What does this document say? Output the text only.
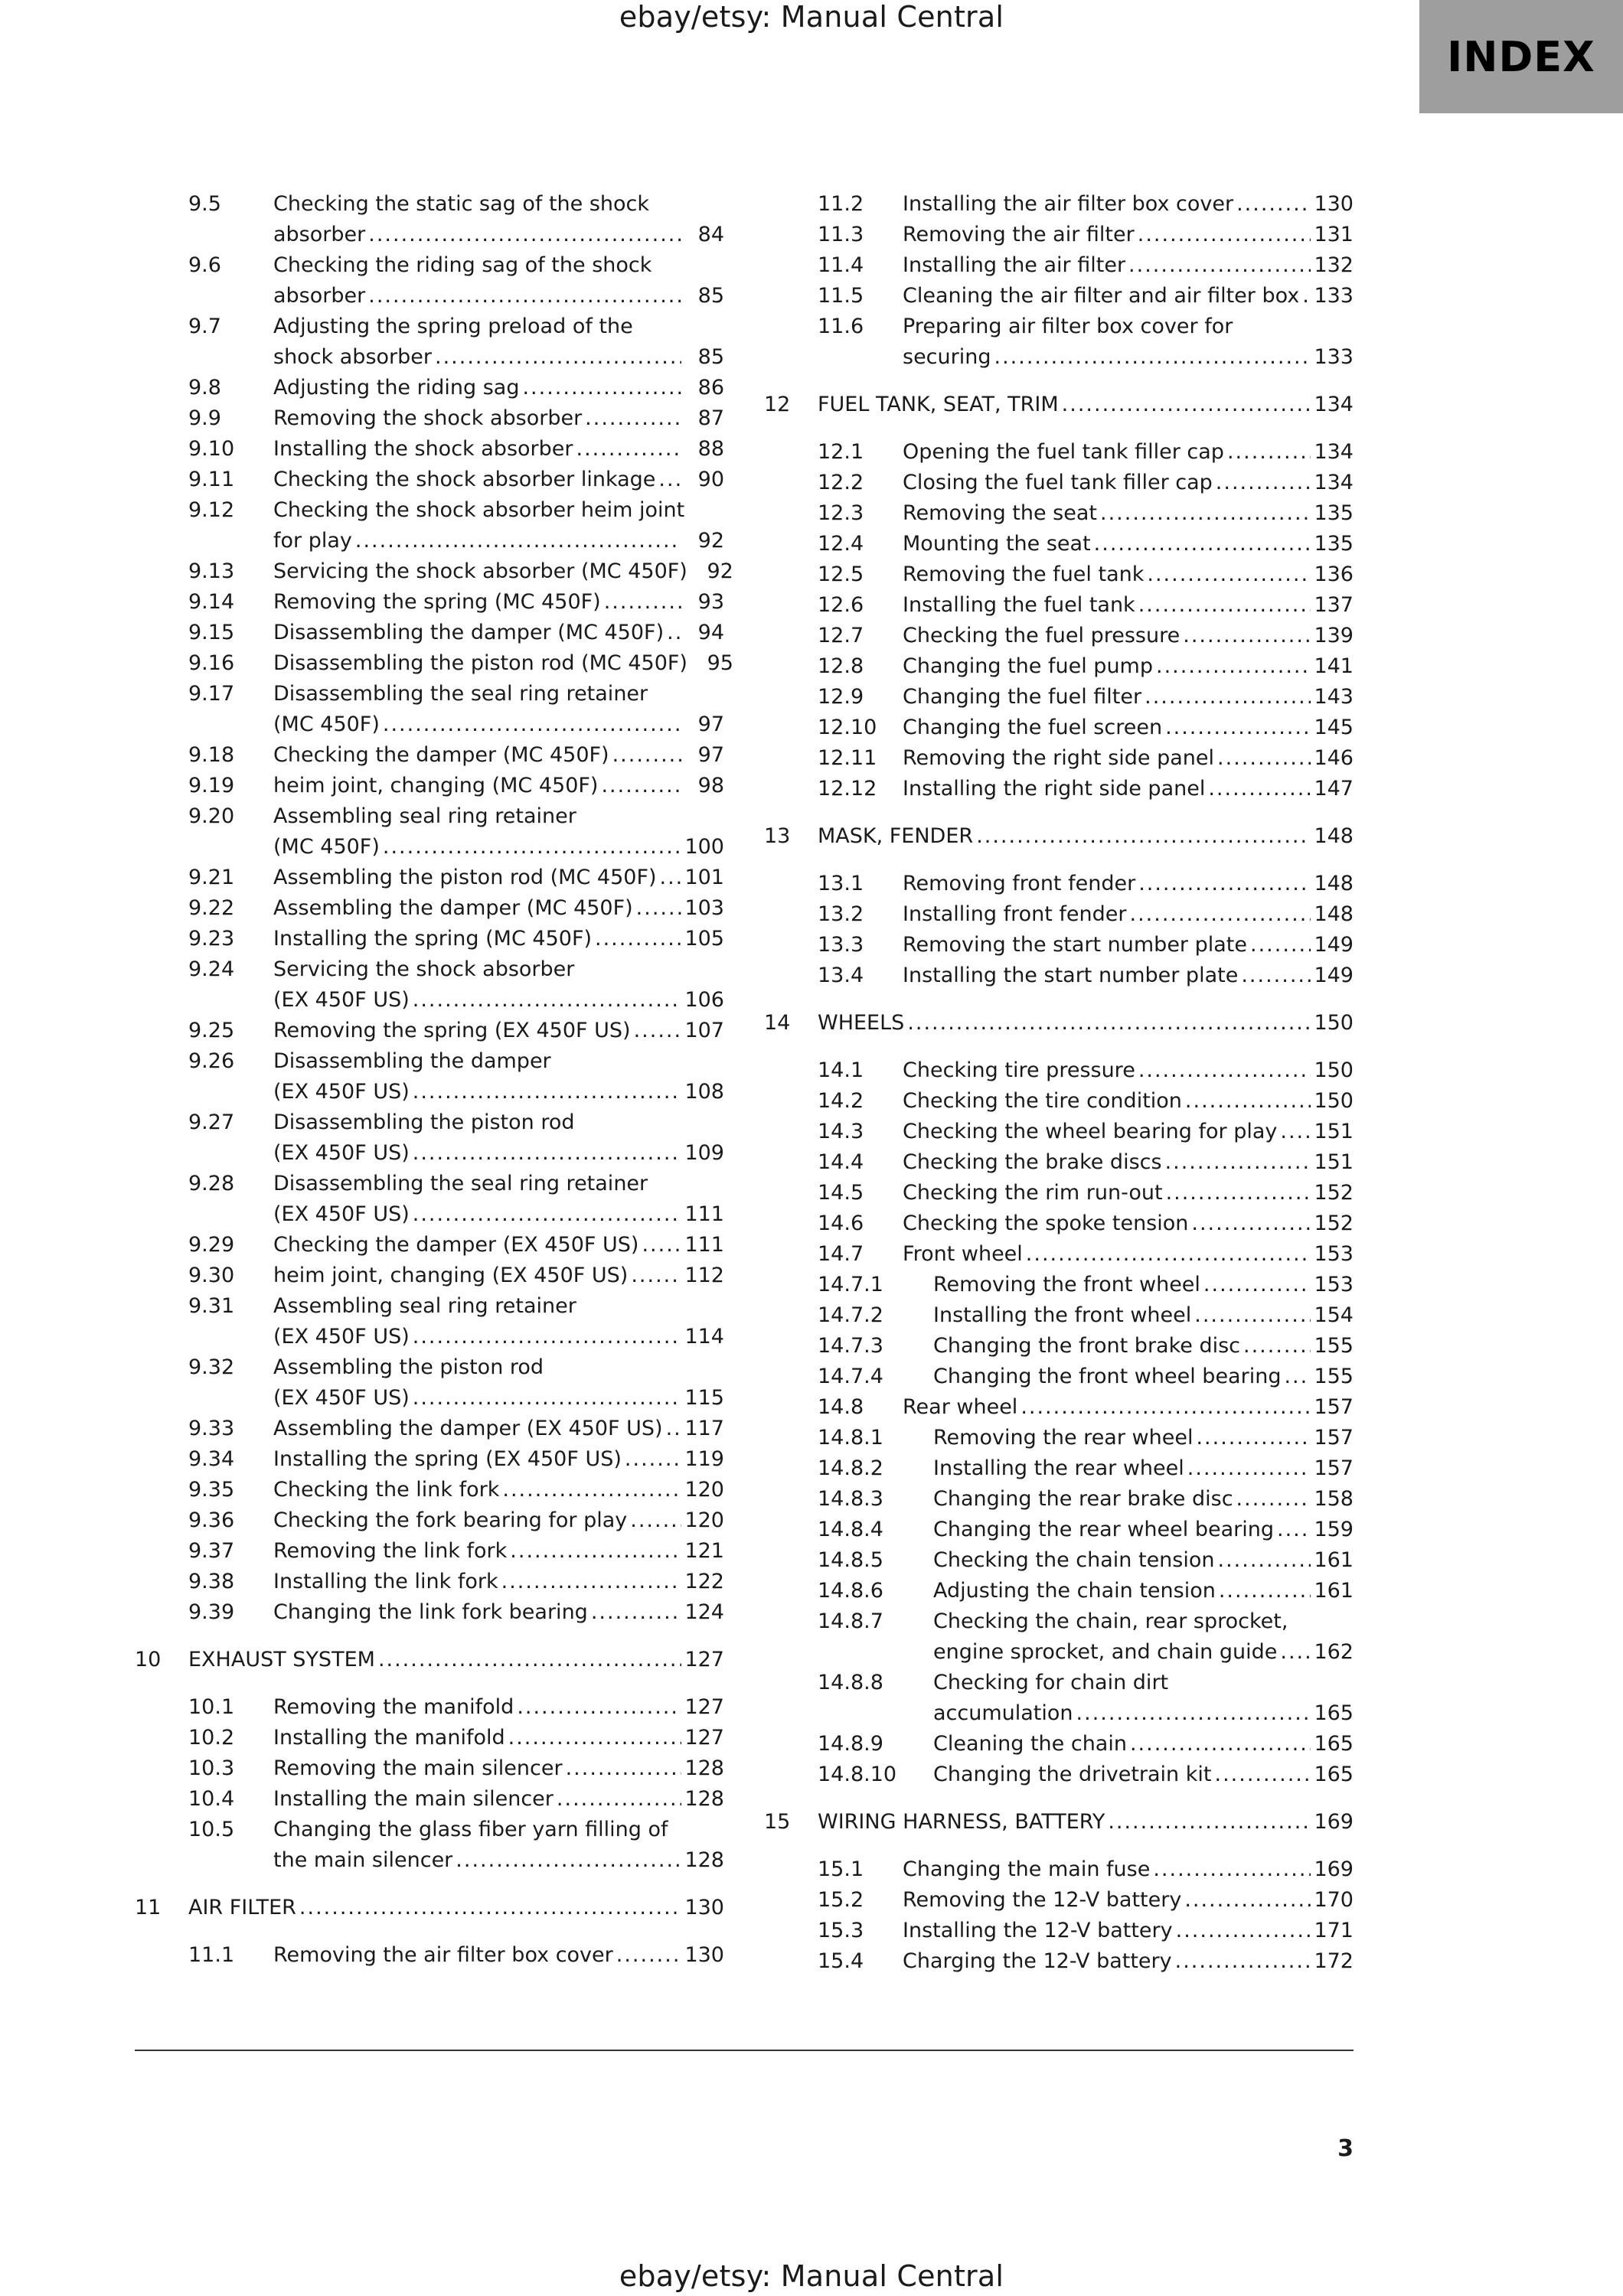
ebay/etsy: Manual Central
INDEX
9.5	Checking the static sag of the shock
absorber .....	84
9.6	Checking the riding sag of the shock
absorber .....	85
9.7	Adjusting the spring preload of the
shock absorber .....	85
9.8	Adjusting the riding sag .....	86
9.9	Removing the shock absorber .....	87
9.10	Installing the shock absorber .....	88
9.11	Checking the shock absorber linkage .....	90
9.12	Checking the shock absorber heim joint
for play .....	92
9.13	Servicing the shock absorber (MC 450F) 92
9.14	Removing the spring (MC 450F) .....	93
9.15	Disassembling the damper (MC 450F) .....	94
9.16	Disassembling the piston rod (MC 450F) 95
9.17	Disassembling the seal ring retainer
(MC 450F) .....	97
9.18	Checking the damper (MC 450F) .....	97
9.19	heim joint, changing (MC 450F) .....	98
9.20	Assembling seal ring retainer
(MC 450F) .....	100
9.21	Assembling the piston rod (MC 450F) ..... 101
9.22	Assembling the damper (MC 450F) .....	103
9.23	Installing the spring (MC 450F) .....	105
9.24	Servicing the shock absorber
(EX 450F US) .....	106
9.25	Removing the spring (EX 450F US) .....	107
9.26	Disassembling the damper
(EX 450F US) .....	108
9.27	Disassembling the piston rod
(EX 450F US) .....	109
9.28	Disassembling the seal ring retainer
(EX 450F US) .....	111
9.29	Checking the damper (EX 450F US) ..... 111
9.30	heim joint, changing (EX 450F US) .....	112
9.31	Assembling seal ring retainer
(EX 450F US) .....	114
9.32	Assembling the piston rod
(EX 450F US) .....	115
9.33	Assembling the damper (EX 450F US) ..... 117
9.34	Installing the spring (EX 450F US) .....	119
9.35	Checking the link fork .....	120
9.36	Checking the fork bearing for play .....	120
9.37	Removing the link fork .....	121
9.38	Installing the link fork .....	122
9.39	Changing the link fork bearing .....	124
10	EXHAUST SYSTEM .....	127
10.1	Removing the manifold .....	127
10.2	Installing the manifold .....	127
10.3	Removing the main silencer .....	128
10.4	Installing the main silencer .....	128
10.5	Changing the glass fiber yarn filling of
the main silencer .....	128
11	AIR FILTER .....	130
11.1	Removing the air filter box cover .....	130
11.2	Installing the air filter box cover .....	130
11.3	Removing the air filter .....	131
11.4	Installing the air filter .....	132
11.5	Cleaning the air filter and air filter box ..... 133
11.6	Preparing air filter box cover for
securing .....	133
12	FUEL TANK, SEAT, TRIM .....	134
12.1	Opening the fuel tank filler cap .....	134
12.2	Closing the fuel tank filler cap .....	134
12.3	Removing the seat .....	135
12.4	Mounting the seat .....	135
12.5	Removing the fuel tank .....	136
12.6	Installing the fuel tank .....	137
12.7	Checking the fuel pressure .....	139
12.8	Changing the fuel pump .....	141
12.9	Changing the fuel filter .....	143
12.10	Changing the fuel screen .....	145
12.11	Removing the right side panel .....	146
12.12	Installing the right side panel .....	147
13	MASK, FENDER .....	148
13.1	Removing front fender .....	148
13.2	Installing front fender .....	148
13.3	Removing the start number plate .....	149
13.4	Installing the start number plate .....	149
14	WHEELS .....	150
14.1	Checking tire pressure .....	150
14.2	Checking the tire condition .....	150
14.3	Checking the wheel bearing for play ..... 151
14.4	Checking the brake discs .....	151
14.5	Checking the rim run-out .....	152
14.6	Checking the spoke tension .....	152
14.7	Front wheel .....	153
14.7.1	Removing the front wheel .....	153
14.7.2	Installing the front wheel .....	154
14.7.3	Changing the front brake disc .....	155
14.7.4	Changing the front wheel bearing ..... 155
14.8	Rear wheel .....	157
14.8.1	Removing the rear wheel .....	157
14.8.2	Installing the rear wheel .....	157
14.8.3	Changing the rear brake disc .....	158
14.8.4	Changing the rear wheel bearing ..... 159
14.8.5	Checking the chain tension .....	161
14.8.6	Adjusting the chain tension .....	161
14.8.7	Checking the chain, rear sprocket,
engine sprocket, and chain guide ..... 162
14.8.8	Checking for chain dirt
accumulation .....	165
14.8.9	Cleaning the chain .....	165
14.8.10	Changing the drivetrain kit .....	165
15	WIRING HARNESS, BATTERY .....	169
15.1	Changing the main fuse .....	169
15.2	Removing the 12-V battery .....	170
15.3	Installing the 12-V battery .....	171
15.4	Charging the 12-V battery .....	172
3
ebay/etsy: Manual Central
